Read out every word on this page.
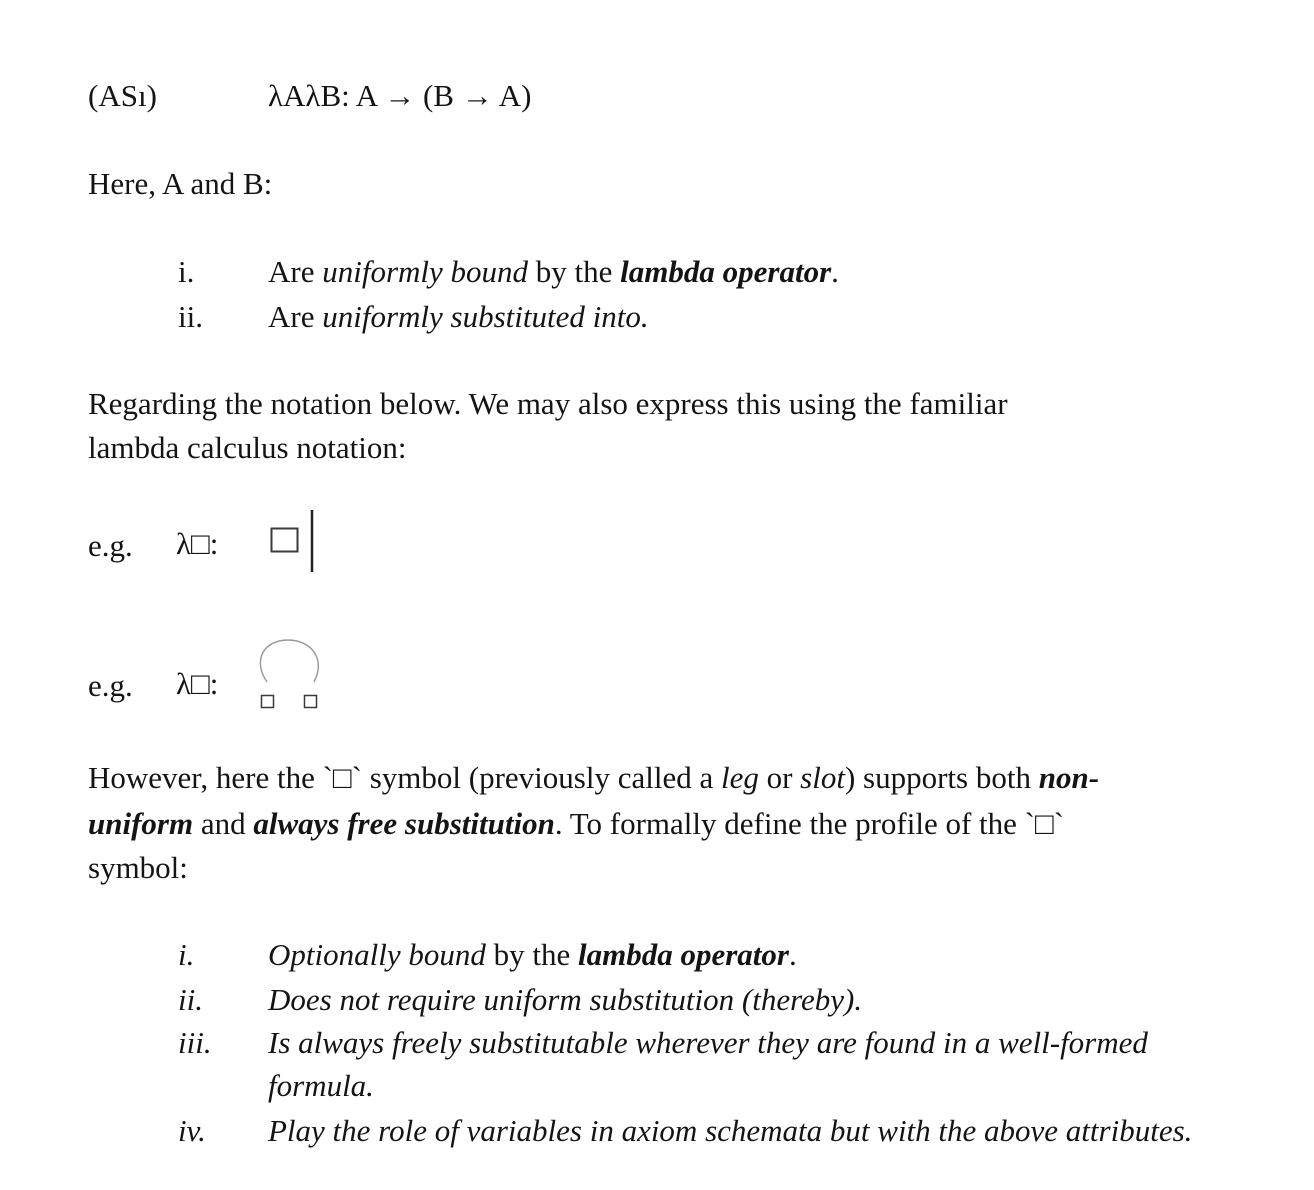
(ASı)	λAλB: A → (B → A)
Here, A and B:
i. Are uniformly bound by the lambda operator.
ii. Are uniformly substituted into.
Regarding the notation below. We may also express this using the familiar
lambda calculus notation:
e.g. λ□:
e.g. λ□:
However, here the `□` symbol (previously called a leg or slot) supports both non-
uniform and always free substitution. To formally define the profile of the `□`
symbol:
i. Optionally bound by the lambda operator.
ii. Does not require uniform substitution (thereby).
iii. Is always freely substitutable wherever they are found in a well-formed
formula.
iv. Play the role of variables in axiom schemata but with the above attributes.
